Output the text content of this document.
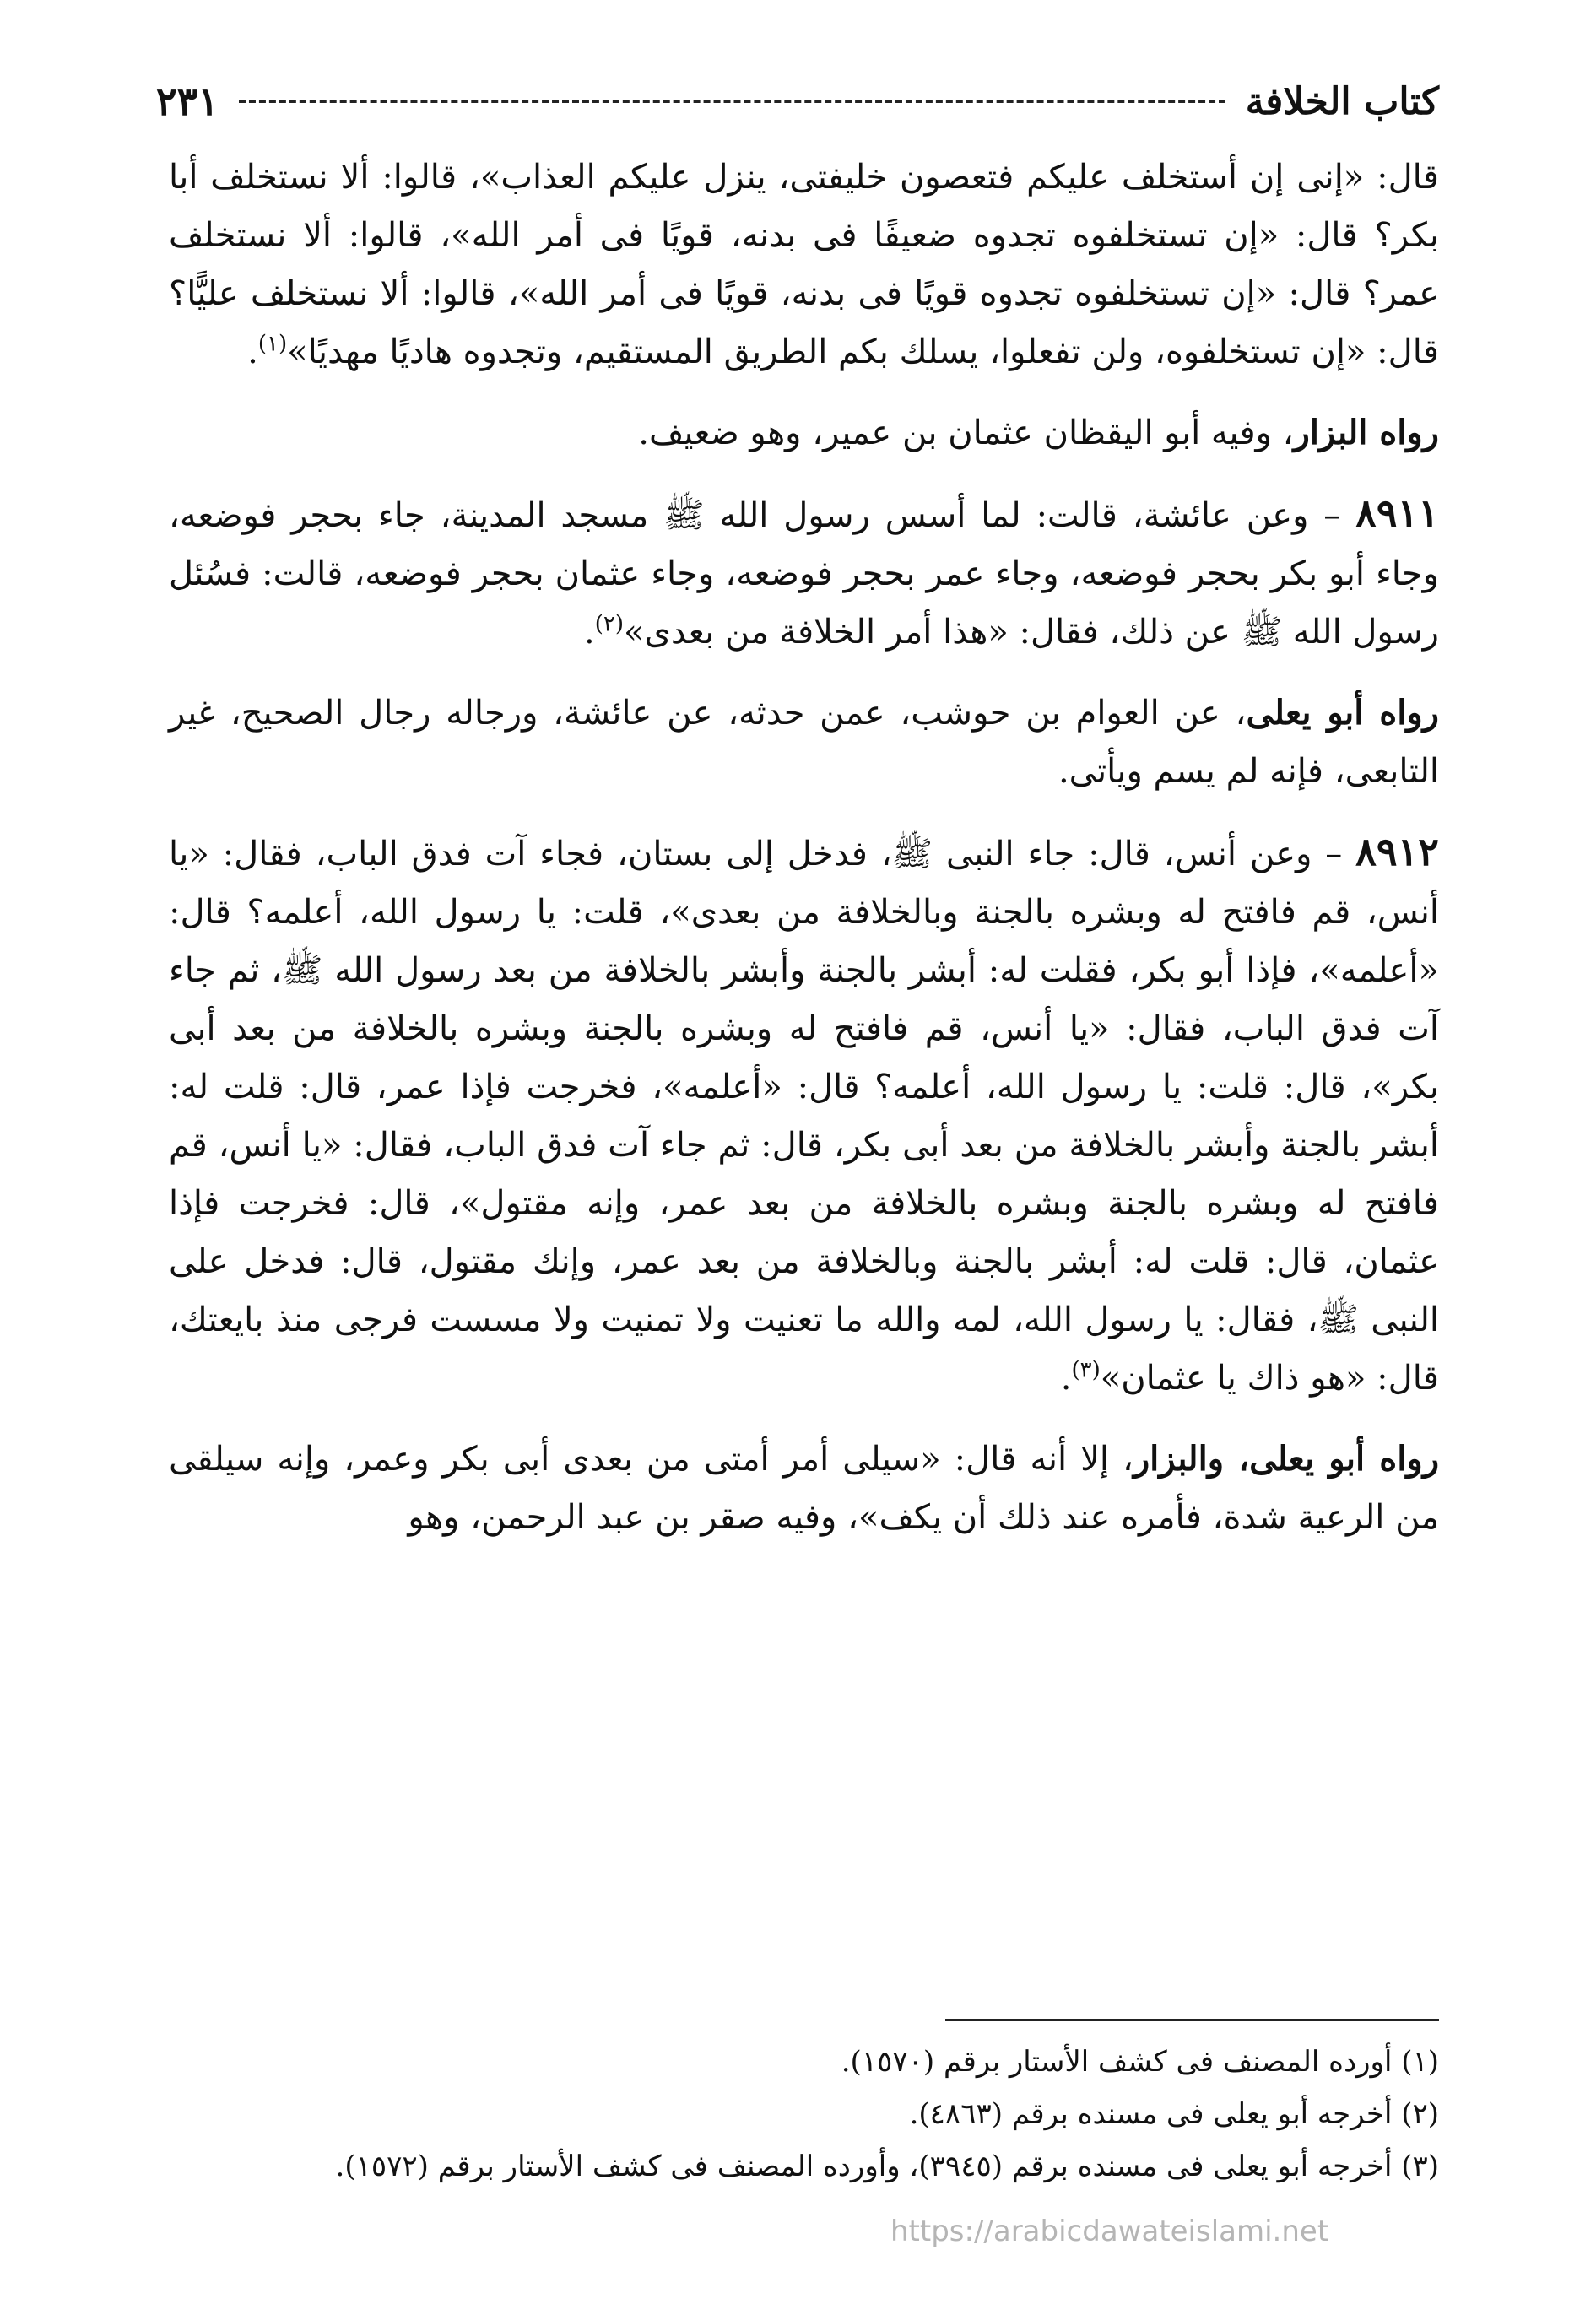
كتاب الخلافة
٢٣١

قال: «إنى إن أستخلف عليكم فتعصون خليفتى، ينزل عليكم العذاب»، قالوا: ألا نستخلف أبا بكر؟ قال: «إن تستخلفوه تجدوه ضعيفًا فى بدنه، قويًا فى أمر الله»، قالوا: ألا نستخلف عمر؟ قال: «إن تستخلفوه تجدوه قويًا فى بدنه، قويًا فى أمر الله»، قالوا: ألا نستخلف عليًّا؟ قال: «إن تستخلفوه، ولن تفعلوا، يسلك بكم الطريق المستقيم، وتجدوه هاديًا مهديًا»$^{(١)}$.

رواه البزار، وفيه أبو اليقظان عثمان بن عمير، وهو ضعيف.

٨٩١١ – وعن عائشة، قالت: لما أسس رسول الله ﷺ مسجد المدينة، جاء بحجر فوضعه، وجاء أبو بكر بحجر فوضعه، وجاء عمر بحجر فوضعه، وجاء عثمان بحجر فوضعه، قالت: فسُئل رسول الله ﷺ عن ذلك، فقال: «هذا أمر الخلافة من بعدى»$^{(٢)}$.

رواه أبو يعلى، عن العوام بن حوشب، عمن حدثه، عن عائشة، ورجاله رجال الصحيح، غير التابعى، فإنه لم يسم ويأتى.

٨٩١٢ – وعن أنس، قال: جاء النبى ﷺ، فدخل إلى بستان، فجاء آت فدق الباب، فقال: «يا أنس، قم فافتح له وبشره بالجنة وبالخلافة من بعدى»، قلت: يا رسول الله، أعلمه؟ قال: «أعلمه»، فإذا أبو بكر، فقلت له: أبشر بالجنة وأبشر بالخلافة من بعد رسول الله ﷺ، ثم جاء آت فدق الباب، فقال: «يا أنس، قم فافتح له وبشره بالجنة وبشره بالخلافة من بعد أبى بكر»، قال: قلت: يا رسول الله، أعلمه؟ قال: «أعلمه»، فخرجت فإذا عمر، قال: قلت له: أبشر بالجنة وأبشر بالخلافة من بعد أبى بكر، قال: ثم جاء آت فدق الباب، فقال: «يا أنس، قم فافتح له وبشره بالجنة وبشره بالخلافة من بعد عمر، وإنه مقتول»، قال: فخرجت فإذا عثمان، قال: قلت له: أبشر بالجنة وبالخلافة من بعد عمر، وإنك مقتول، قال: فدخل على النبى ﷺ، فقال: يا رسول الله، لمه والله ما تعنيت ولا تمنيت ولا مسست فرجى منذ بايعتك، قال: «هو ذاك يا عثمان»$^{(٣)}$.

رواه أبو يعلى، والبزار، إلا أنه قال: «سيلى أمر أمتى من بعدى أبى بكر وعمر، وإنه سيلقى من الرعية شدة، فأمره عند ذلك أن يكف»، وفيه صقر بن عبد الرحمن، وهو

(١) أورده المصنف فى كشف الأستار برقم (١٥٧٠).
(٢) أخرجه أبو يعلى فى مسنده برقم (٤٨٦٣).
(٣) أخرجه أبو يعلى فى مسنده برقم (٣٩٤٥)، وأورده المصنف فى كشف الأستار برقم (١٥٧٢).
https://arabicdawateislami.net
